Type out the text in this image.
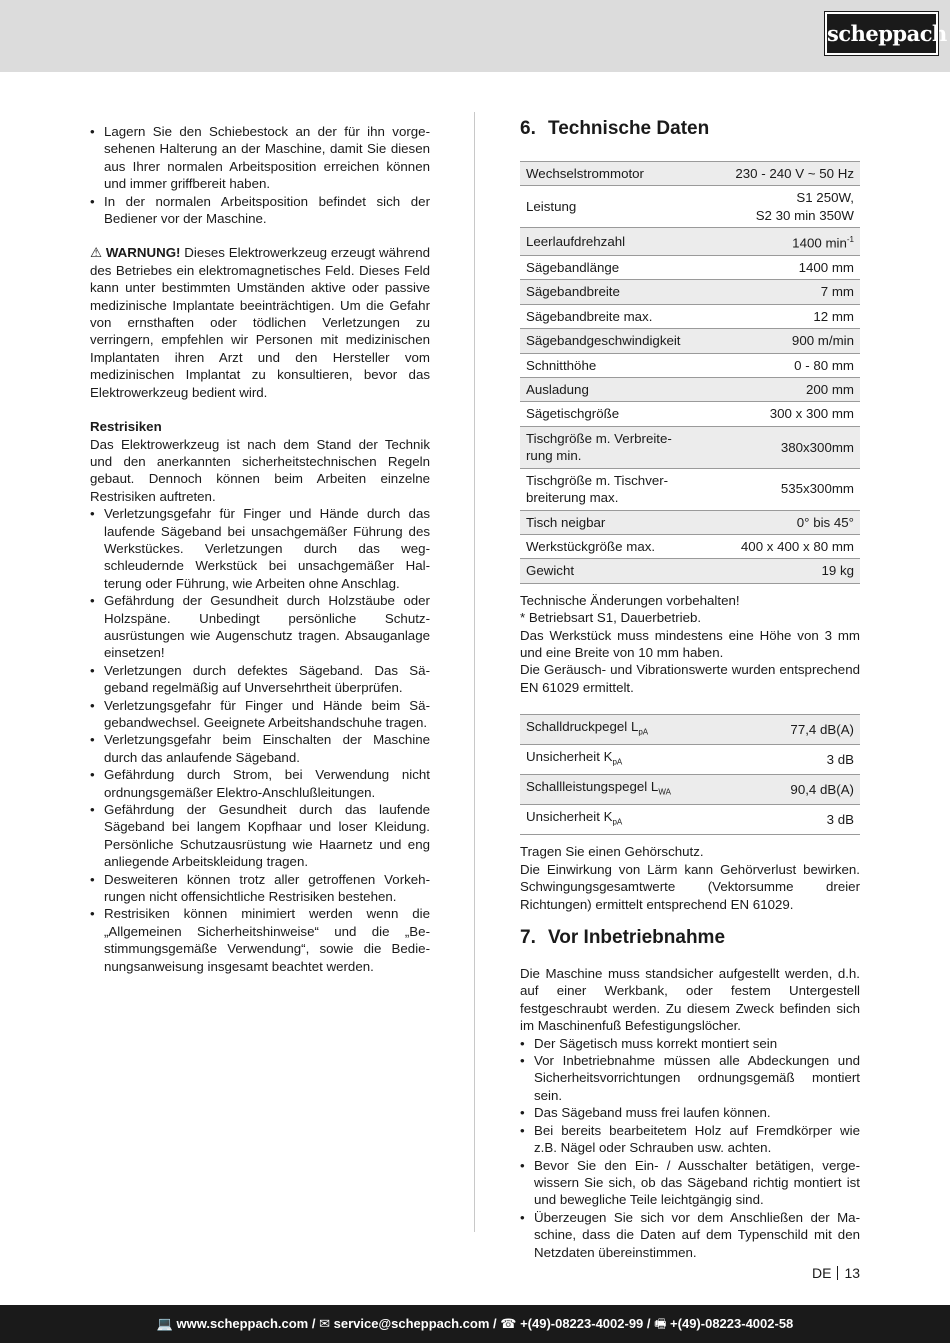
scheppach
• Lagern Sie den Schiebestock an der für ihn vorgesehenen Halterung an der Maschine, damit Sie diesen aus Ihrer normalen Arbeitsposition erreichen können und immer griffbereit haben.
• In der normalen Arbeitsposition befindet sich der Bediener vor der Maschine.

⚠ WARNUNG! Dieses Elektrowerkzeug erzeugt während des Betriebes ein elektromagnetisches Feld. Dieses Feld kann unter bestimmten Umständen aktive oder passive medizinische Implantate beeinträchtigen. Um die Gefahr von ernsthaften oder tödlichen Verletzungen zu verringern, empfehlen wir Personen mit medizinischen Implantaten ihren Arzt und den Hersteller vom medizinischen Implantat zu konsultieren, bevor das Elektrowerkzeug bedient wird.

Restrisiken

Das Elektrowerkzeug ist nach dem Stand der Technik und den anerkannten sicherheitstechnischen Regeln gebaut. Dennoch können beim Arbeiten einzelne Restrisiken auftreten.

• Verletzungsgefahr für Finger und Hände durch das laufende Sägeband bei unsachgemäßer Führung des Werkstückes. Verletzungen durch das wegschleudernde Werkstück bei unsachgemäßer Halterung oder Führung, wie Arbeiten ohne Anschlag.
• Gefährdung der Gesundheit durch Holzstäube oder Holzspäne. Unbedingt persönliche Schutzausrüstungen wie Augenschutz tragen. Absauganlage einsetzen!
• Verletzungen durch defektes Sägeband. Das Sägeband regelmäßig auf Unversehrtheit überprüfen.
• Verletzungsgefahr für Finger und Hände beim Sägebandwechsel. Geeignete Arbeitshandschuhe tragen.
• Verletzungsgefahr beim Einschalten der Maschine durch das anlaufende Sägeband.
• Gefährdung durch Strom, bei Verwendung nicht ordnungsgemäßer Elektro-Anschlußleitungen.
• Gefährdung der Gesundheit durch das laufende Sägeband bei langem Kopfhaar und loser Kleidung. Persönliche Schutzausrüstung wie Haarnetz und eng anliegende Arbeitskleidung tragen.
• Desweiteren können trotz aller getroffenen Vorkehrungen nicht offensichtliche Restrisiken bestehen.
• Restrisiken können minimiert werden wenn die „Allgemeinen Sicherheitshinweise“ und die „Bestimmungsgemäße Verwendung“, sowie die Bedienungsanweisung insgesamt beachtet werden.
6. Technische Daten
Wechselstrommotor	230 - 240 V ~ 50 Hz
Leistung	S1 250W,
S2 30 min 350W
Leerlaufdrehzahl	1400 $\min^{-1}$
Sägebandlänge	1400 mm
Sägebandbreite	7 mm
Sägebandbreite max.	12 mm
Sägebandgeschwindigkeit	900 m/min
Schnitthöhe	0 - 80 mm
Ausladung	200 mm
Sägetischgröße	300 x 300 mm
Tischgröße m. Verbreite-
rung min.	380x300mm
Tischgröße m. Tischver-
breiterung max.	535x300mm
Tisch neigbar	0° bis 45°
Werkstückgröße max.	400 x 400 x 80 mm
Gewicht	19 kg

Technische Änderungen vorbehalten!

* Betriebsart S1, Dauerbetrieb.

Das Werkstück muss mindestens eine Höhe von 3 mm und eine Breite von 10 mm haben.

Die Geräusch- und Vibrationswerte wurden entsprechend EN 61029 ermittelt.

Schalldruckpegel $L_{pA}$	77,4 dB(A)
Unsicherheit $K_{pA}$	3 dB
Schallleistungspegel $L_{WA}$	90,4 dB(A)
Unsicherheit $K_{pA}$	3 dB

Tragen Sie einen Gehörschutz.

Die Einwirkung von Lärm kann Gehörverlust bewirken. Schwingungsgesamtwerte (Vektorsumme dreier Richtungen) ermittelt entsprechend EN 61029.

7. Vor Inbetriebnahme

Die Maschine muss standsicher aufgestellt werden, d.h. auf einer Werkbank, oder festem Untergestell festgeschraubt werden. Zu diesem Zweck befinden sich im Maschinenfuß Befestigungslöcher.

• Der Sägetisch muss korrekt montiert sein
• Vor Inbetriebnahme müssen alle Abdeckungen und Sicherheitsvorrichtungen ordnungsgemäß montiert sein.
• Das Sägeband muss frei laufen können.
• Bei bereits bearbeitetem Holz auf Fremdkörper wie z.B. Nägel oder Schrauben usw. achten.
• Bevor Sie den Ein- / Ausschalter betätigen, vergewissern Sie sich, ob das Sägeband richtig montiert ist und bewegliche Teile leichtgängig sind.
• Überzeugen Sie sich vor dem Anschließen der Maschine, dass die Daten auf dem Typenschild mit den Netzdaten übereinstimmen.
DE 13
💻 www.scheppach.com / ✉ service@scheppach.com / ☎ +(49)-08223-4002-99 / 🖷 +(49)-08223-4002-58
